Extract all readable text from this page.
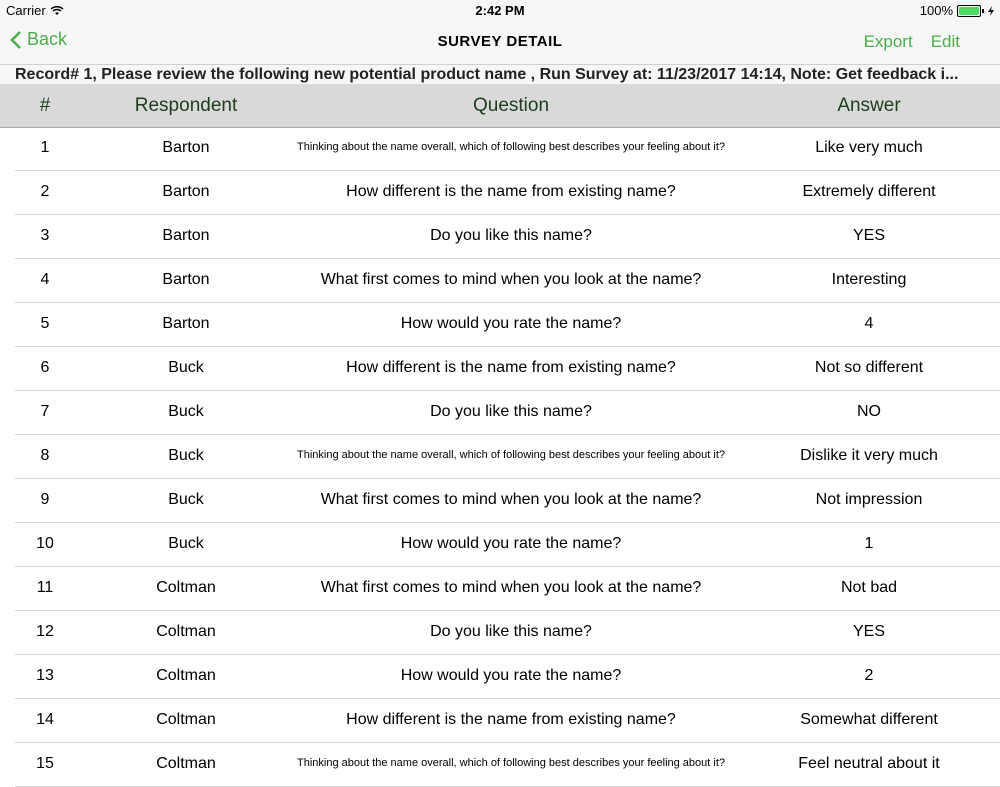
Carrier	2:42 PM	100%
Back	SURVEY DETAIL	Export Edit
Record# 1, Please review the following new potential product name , Run Survey at: 11/23/2017 14:14, Note: Get feedback i...
#	Respondent	Question	Answer
1	Barton	Thinking about the name overall, which of following best describes your feeling about it?	Like very much
2	Barton	How different is the name from existing name?	Extremely different
3	Barton	Do you like this name?	YES
4	Barton	What first comes to mind when you look at the name?	Interesting
5	Barton	How would you rate the name?	4
6	Buck	How different is the name from existing name?	Not so different
7	Buck	Do you like this name?	NO
8	Buck	Thinking about the name overall, which of following best describes your feeling about it?	Dislike it very much
9	Buck	What first comes to mind when you look at the name?	Not impression
10	Buck	How would you rate the name?	1
11	Coltman	What first comes to mind when you look at the name?	Not bad
12	Coltman	Do you like this name?	YES
13	Coltman	How would you rate the name?	2
14	Coltman	How different is the name from existing name?	Somewhat different
15	Coltman	Thinking about the name overall, which of following best describes your feeling about it?	Feel neutral about it
